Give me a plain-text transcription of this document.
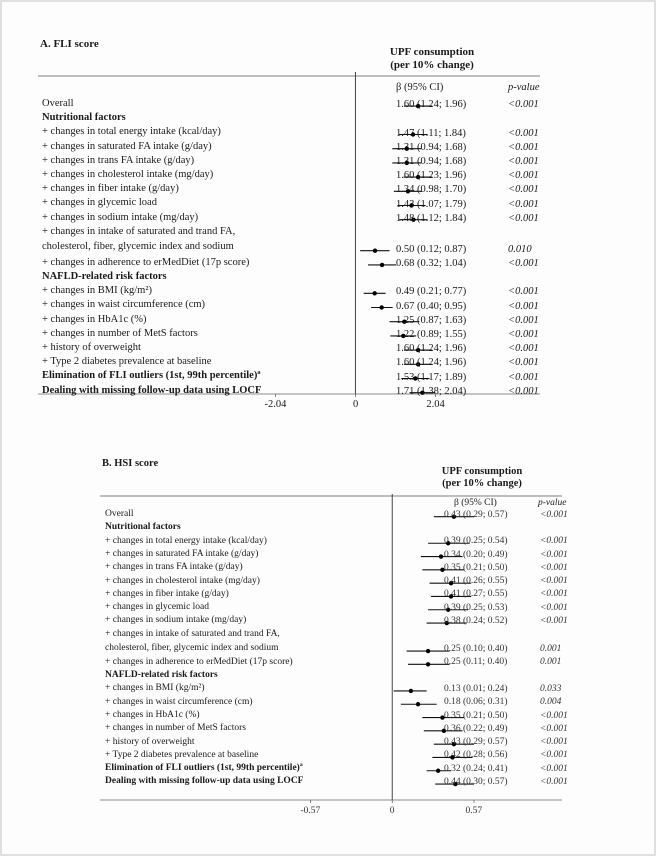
A. FLI score
UPF consumption
(per 10% change)
β (95% CI)	p-value
-2.04	0	2.04
Overall	1.60 (1.24; 1.96)	<0.001
Nutritional factors
+ changes in total energy intake (kcal/day)	1.47 (1.11; 1.84)	<0.001
+ changes in saturated FA intake (g/day)	1.31 (0.94; 1.68)	<0.001
+ changes in trans FA intake (g/day)	1.31 (0.94; 1.68)	<0.001
+ changes in cholesterol intake (mg/day)	1.60 (1.23; 1.96)	<0.001
+ changes in fiber intake (g/day)	1.34 (0.98; 1.70)	<0.001
+ changes in glycemic load	1.43 (1.07; 1.79)	<0.001
+ changes in sodium intake (mg/day)	1.48 (1.12; 1.84)	<0.001
+ changes in intake of saturated and trand FA,
cholesterol, fiber, glycemic index and sodium	0.50 (0.12; 0.87)	0.010
+ changes in adherence to erMedDiet (17p score)	0.68 (0.32; 1.04)	<0.001
NAFLD-related risk factors
+ changes in BMI (kg/m²)	0.49 (0.21; 0.77)	<0.001
+ changes in waist circumference (cm)	0.67 (0.40; 0.95)	<0.001
+ changes in HbA1c (%)	1.25 (0.87; 1.63)	<0.001
+ changes in number of MetS factors	1.22 (0.89; 1.55)	<0.001
+ history of overweight	1.60 (1.24; 1.96)	<0.001
+ Type 2 diabetes prevalence at baseline	1.60 (1.24; 1.96)	<0.001
Elimination of FLI outliers (1st, 99th percentile)ª	1.53 (1.17; 1.89)	<0.001
Dealing with missing follow-up data using LOCF	1.71 (1.38; 2.04)	<0.001
B. HSI score
UPF consumption
(per 10% change)
β (95% CI)	p-value
-0.57	0	0.57
Overall	0.43 (0.29; 0.57)	<0.001
Nutritional factors
+ changes in total energy intake (kcal/day)	0.39 (0.25; 0.54)	<0.001
+ changes in saturated FA intake (g/day)	0.34 (0.20; 0.49)	<0.001
+ changes in trans FA intake (g/day)	0.35 (0.21; 0.50)	<0.001
+ changes in cholesterol intake (mg/day)	0.41 (0.26; 0.55)	<0.001
+ changes in fiber intake (g/day)	0.41 (0.27; 0.55)	<0.001
+ changes in glycemic load	0.39 (0.25; 0.53)	<0.001
+ changes in sodium intake (mg/day)	0.38 (0.24; 0.52)	<0.001
+ changes in intake of saturated and trand FA,
cholesterol, fiber, glycemic index and sodium	0.25 (0.10; 0.40)	0.001
+ changes in adherence to erMedDiet (17p score)	0.25 (0.11; 0.40)	0.001
NAFLD-related risk factors
+ changes in BMI (kg/m²)	0.13 (0.01; 0.24)	0.033
+ changes in waist circumference (cm)	0.18 (0.06; 0.31)	0.004
+ changes in HbA1c (%)	0.35 (0.21; 0.50)	<0.001
+ changes in number of MetS factors	0.36 (0.22; 0.49)	<0.001
+ history of overweight	0.43 (0.29; 0.57)	<0.001
+ Type 2 diabetes prevalence at baseline	0.42 (0.28; 0.56)	<0.001
Elimination of FLI outliers (1st, 99th percentile)ª	0.32 (0.24; 0.41)	<0.001
Dealing with missing follow-up data using LOCF	0.44 (0.30; 0.57)	<0.001
